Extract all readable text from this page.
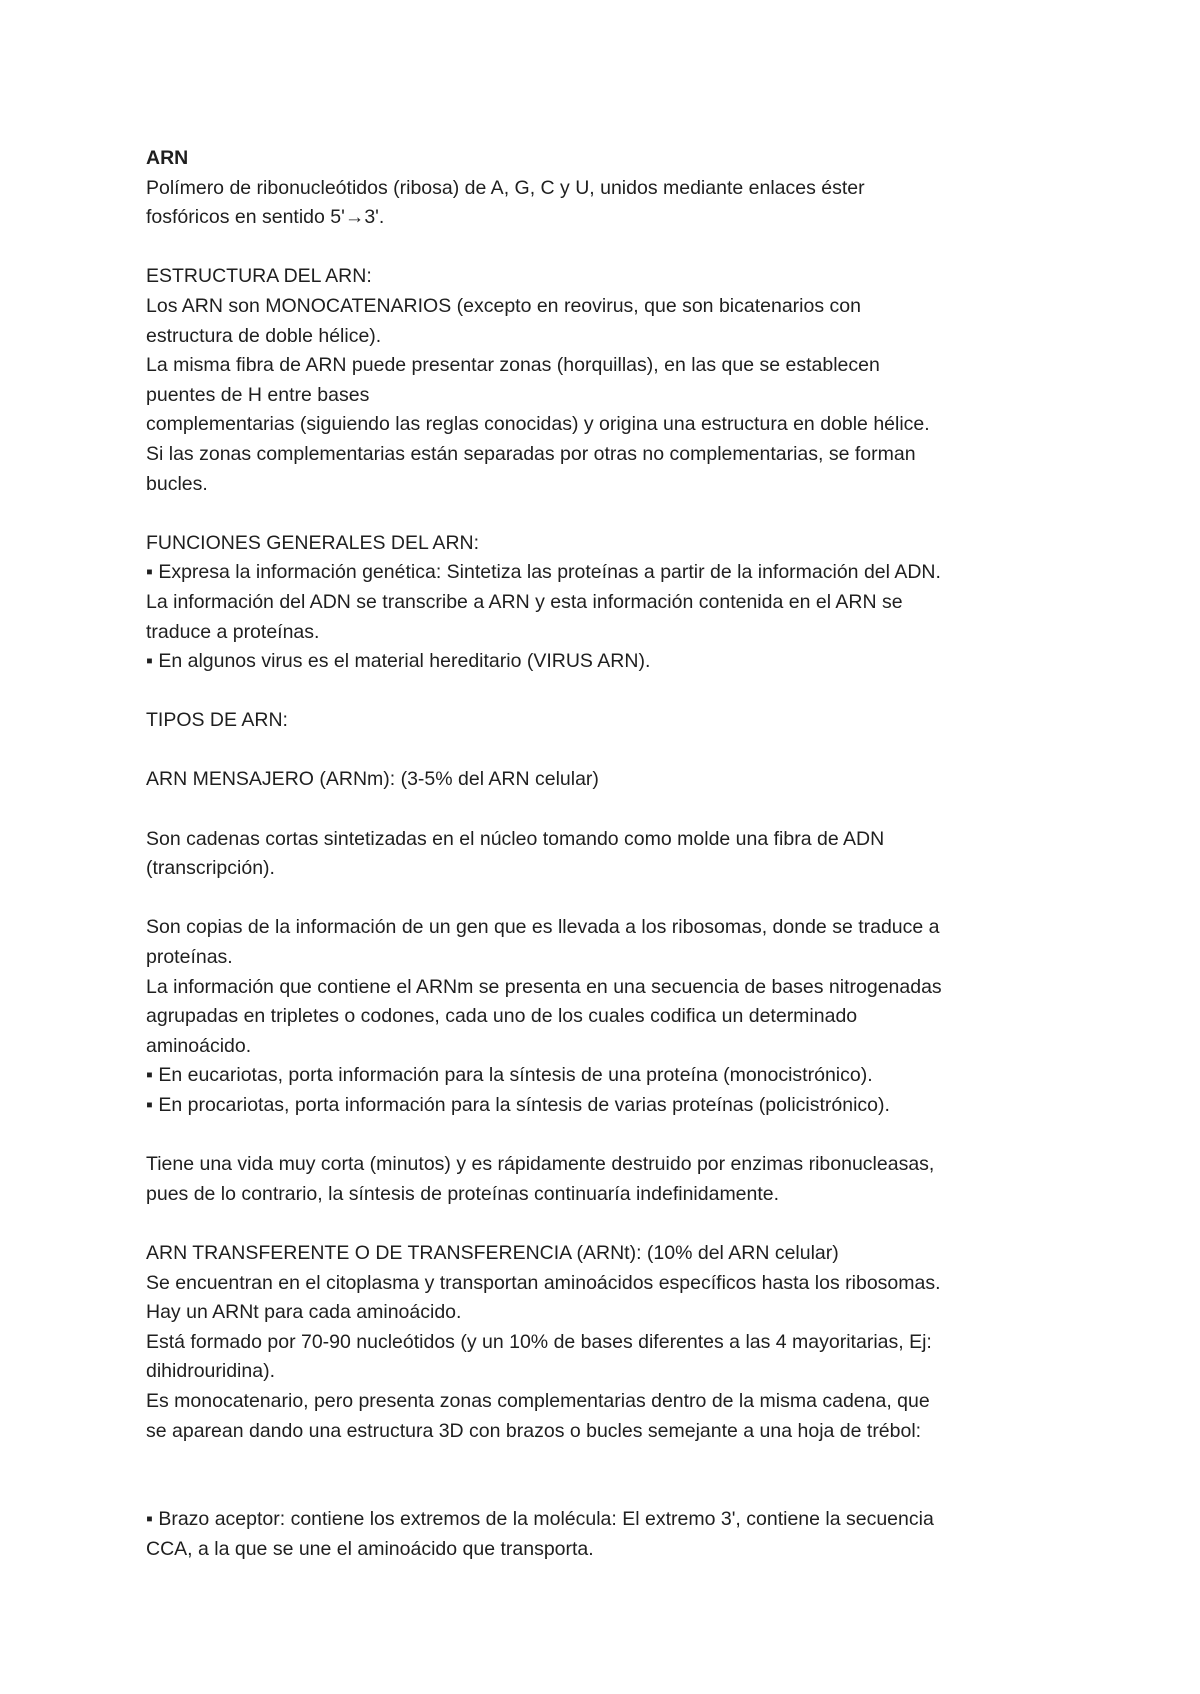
ARN

Polímero de ribonucleótidos (ribosa) de A, G, C y U, unidos mediante enlaces éster

fosfóricos en sentido 5'→3'.

ESTRUCTURA DEL ARN:

Los ARN son MONOCATENARIOS (excepto en reovirus, que son bicatenarios con

estructura de doble hélice).

La misma fibra de ARN puede presentar zonas (horquillas), en las que se establecen

puentes de H entre bases

complementarias (siguiendo las reglas conocidas) y origina una estructura en doble hélice.

Si las zonas complementarias están separadas por otras no complementarias, se forman

bucles.

FUNCIONES GENERALES DEL ARN:

▪ Expresa la información genética: Sintetiza las proteínas a partir de la información del ADN.

La información del ADN se transcribe a ARN y esta información contenida en el ARN se

traduce a proteínas.

▪ En algunos virus es el material hereditario (VIRUS ARN).

TIPOS DE ARN:

ARN MENSAJERO (ARNm): (3-5% del ARN celular)

Son cadenas cortas sintetizadas en el núcleo tomando como molde una fibra de ADN

(transcripción).

Son copias de la información de un gen que es llevada a los ribosomas, donde se traduce a

proteínas.

La información que contiene el ARNm se presenta en una secuencia de bases nitrogenadas

agrupadas en tripletes o codones, cada uno de los cuales codifica un determinado

aminoácido.

▪ En eucariotas, porta información para la síntesis de una proteína (monocistrónico).

▪ En procariotas, porta información para la síntesis de varias proteínas (policistrónico).

Tiene una vida muy corta (minutos) y es rápidamente destruido por enzimas ribonucleasas,

pues de lo contrario, la síntesis de proteínas continuaría indefinidamente.

ARN TRANSFERENTE O DE TRANSFERENCIA (ARNt): (10% del ARN celular)

Se encuentran en el citoplasma y transportan aminoácidos específicos hasta los ribosomas.

Hay un ARNt para cada aminoácido.

Está formado por 70-90 nucleótidos (y un 10% de bases diferentes a las 4 mayoritarias, Ej:

dihidrouridina).

Es monocatenario, pero presenta zonas complementarias dentro de la misma cadena, que

se aparean dando una estructura 3D con brazos o bucles semejante a una hoja de trébol:

▪ Brazo aceptor: contiene los extremos de la molécula: El extremo 3', contiene la secuencia

CCA, a la que se une el aminoácido que transporta.
